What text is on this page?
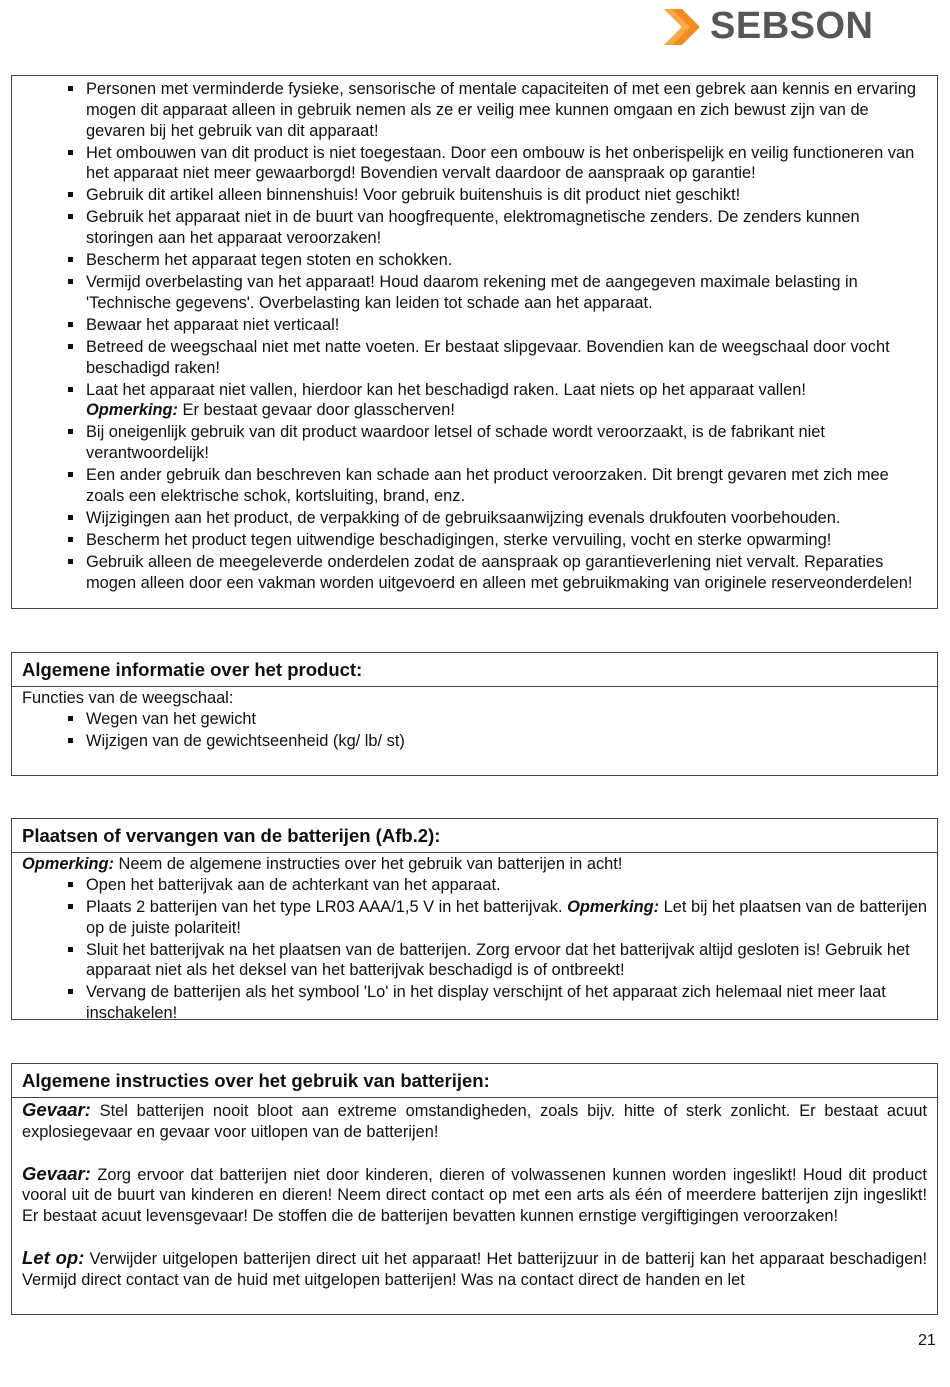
SEBSON
Personen met verminderde fysieke, sensorische of mentale capaciteiten of met een gebrek aan kennis en ervaring mogen dit apparaat alleen in gebruik nemen als ze er veilig mee kunnen omgaan en zich bewust zijn van de gevaren bij het gebruik van dit apparaat!
Het ombouwen van dit product is niet toegestaan. Door een ombouw is het onberispelijk en veilig functioneren van het apparaat niet meer gewaarborgd! Bovendien vervalt daardoor de aanspraak op garantie!
Gebruik dit artikel alleen binnenshuis! Voor gebruik buitenshuis is dit product niet geschikt!
Gebruik het apparaat niet in de buurt van hoogfrequente, elektromagnetische zenders. De zenders kunnen storingen aan het apparaat veroorzaken!
Bescherm het apparaat tegen stoten en schokken.
Vermijd overbelasting van het apparaat! Houd daarom rekening met de aangegeven maximale belasting in 'Technische gegevens'. Overbelasting kan leiden tot schade aan het apparaat.
Bewaar het apparaat niet verticaal!
Betreed de weegschaal niet met natte voeten. Er bestaat slipgevaar. Bovendien kan de weegschaal door vocht beschadigd raken!
Laat het apparaat niet vallen, hierdoor kan het beschadigd raken. Laat niets op het apparaat vallen!
Opmerking: Er bestaat gevaar door glasscherven!
Bij oneigenlijk gebruik van dit product waardoor letsel of schade wordt veroorzaakt, is de fabrikant niet verantwoordelijk!
Een ander gebruik dan beschreven kan schade aan het product veroorzaken. Dit brengt gevaren met zich mee zoals een elektrische schok, kortsluiting, brand, enz.
Wijzigingen aan het product, de verpakking of de gebruiksaanwijzing evenals drukfouten voorbehouden.
Bescherm het product tegen uitwendige beschadigingen, sterke vervuiling, vocht en sterke opwarming!
Gebruik alleen de meegeleverde onderdelen zodat de aanspraak op garantieverlening niet vervalt. Reparaties mogen alleen door een vakman worden uitgevoerd en alleen met gebruikmaking van originele reserveonderdelen!
Algemene informatie over het product:
Functies van de weegschaal:
Wegen van het gewicht
Wijzigen van de gewichtseenheid (kg/ lb/ st)
Plaatsen of vervangen van de batterijen (Afb.2):
Opmerking: Neem de algemene instructies over het gebruik van batterijen in acht!
Open het batterijvak aan de achterkant van het apparaat.
Plaats 2 batterijen van het type LR03 AAA/1,5 V in het batterijvak. Opmerking: Let bij het plaatsen van de batterijen op de juiste polariteit!
Sluit het batterijvak na het plaatsen van de batterijen. Zorg ervoor dat het batterijvak altijd gesloten is! Gebruik het apparaat niet als het deksel van het batterijvak beschadigd is of ontbreekt!
Vervang de batterijen als het symbool 'Lo' in het display verschijnt of het apparaat zich helemaal niet meer laat inschakelen!
Algemene instructies over het gebruik van batterijen:

Gevaar: Stel batterijen nooit bloot aan extreme omstandigheden, zoals bijv. hitte of sterk zonlicht. Er bestaat acuut explosiegevaar en gevaar voor uitlopen van de batterijen!

Gevaar: Zorg ervoor dat batterijen niet door kinderen, dieren of volwassenen kunnen worden ingeslikt! Houd dit product vooral uit de buurt van kinderen en dieren! Neem direct contact op met een arts als één of meerdere batterijen zijn ingeslikt! Er bestaat acuut levensgevaar! De stoffen die de batterijen bevatten kunnen ernstige vergiftigingen veroorzaken!

Let op: Verwijder uitgelopen batterijen direct uit het apparaat! Het batterijzuur in de batterij kan het apparaat beschadigen! Vermijd direct contact van de huid met uitgelopen batterijen! Was na contact direct de handen en let

21
